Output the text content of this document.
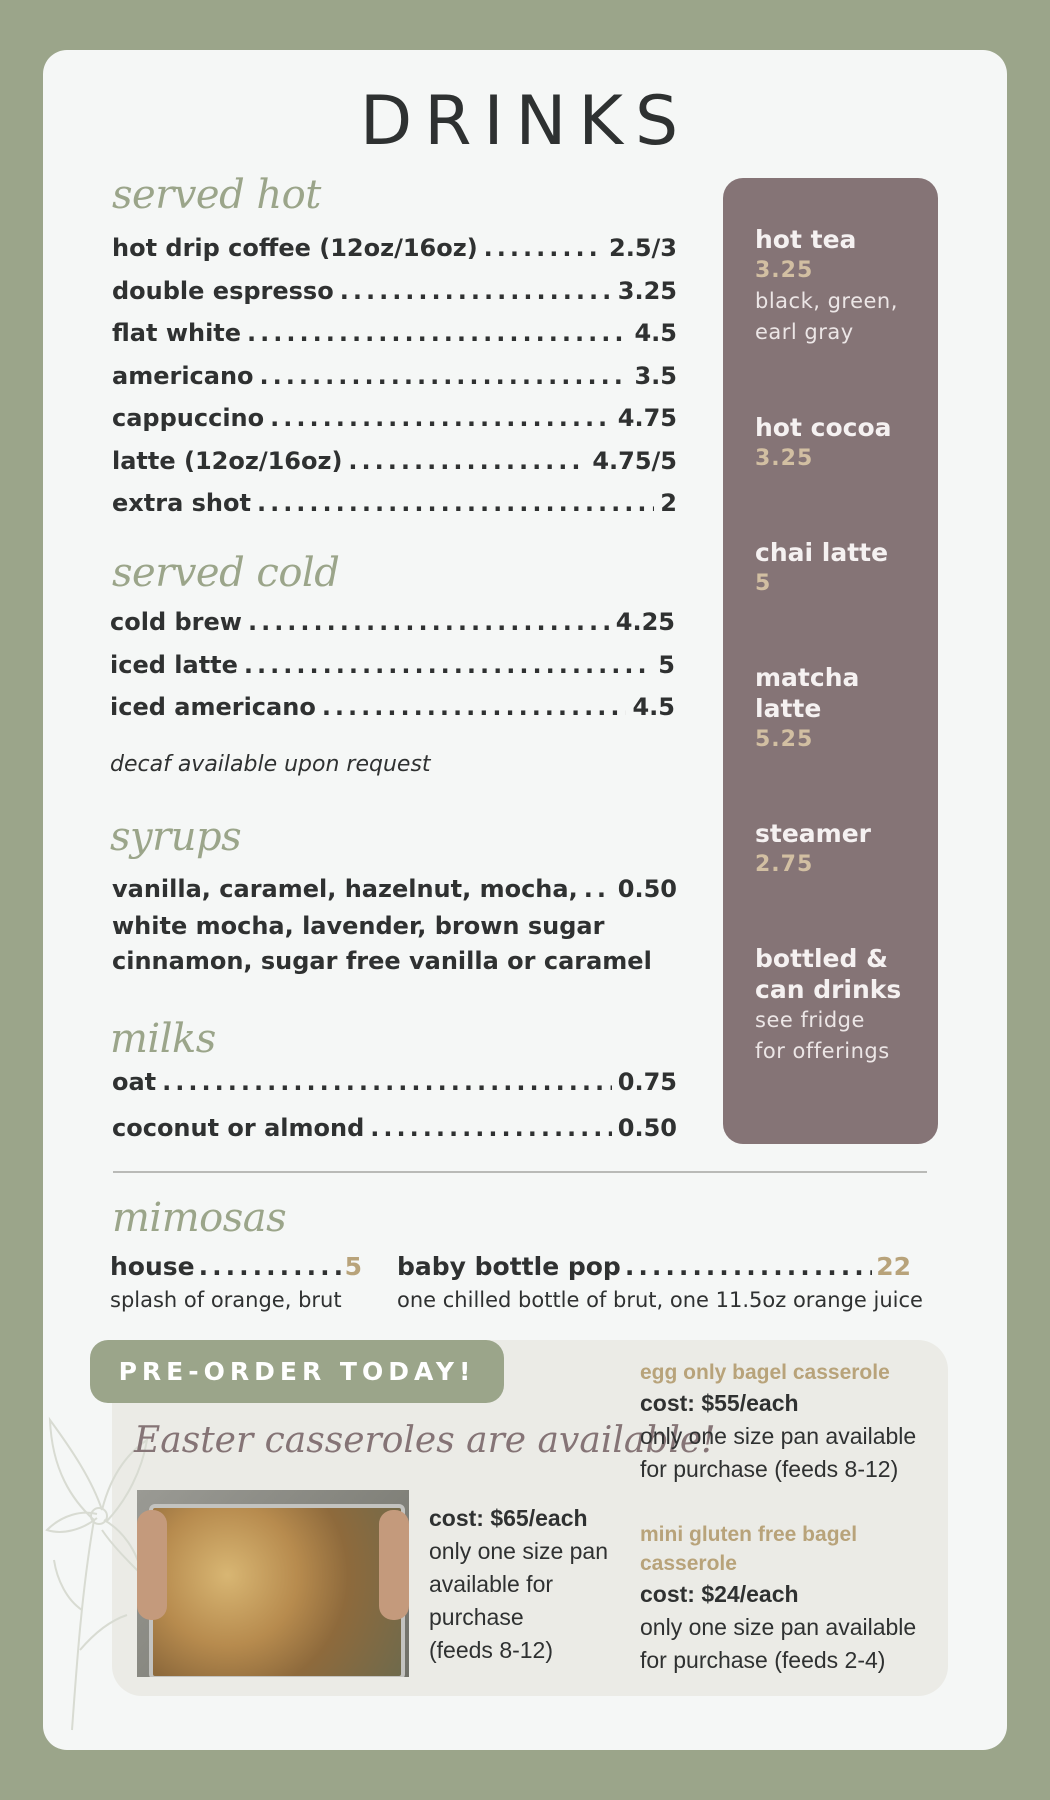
DRINKS
served hot
hot drip coffee (12oz/16oz) .....	2.5/3
double espresso .....	3.25
flat white .....	4.5
americano .....	3.5
cappuccino .....	4.75
latte (12oz/16oz) .....	4.75/5
extra shot .....	2
served cold
cold brew .....	4.25
iced latte .....	5
iced americano .....	4.5
decaf available upon request
syrups
vanilla, caramel, hazelnut, mocha, ..... 0.50
white mocha, lavender, brown sugar
cinnamon, sugar free vanilla or caramel
milks
oat .....	0.75
coconut or almond .....	0.50
hot tea
3.25
black, green,
earl gray
hot cocoa
3.25
chai latte
5
matcha
latte
5.25
steamer
2.75
bottled &
can drinks
see fridge
for offerings
mimosas
house .....	5
splash of orange, brut
baby bottle pop .....	22
one chilled bottle of brut, one 11.5oz orange juice
PRE-ORDER TODAY!
Easter casseroles are available!
cost: $65/each
only one size pan
available for
purchase
(feeds 8-12)
egg only bagel casserole
cost: $55/each
only one size pan available
for purchase (feeds 8-12)
mini gluten free bagel
casserole
cost: $24/each
only one size pan available
for purchase (feeds 2-4)
